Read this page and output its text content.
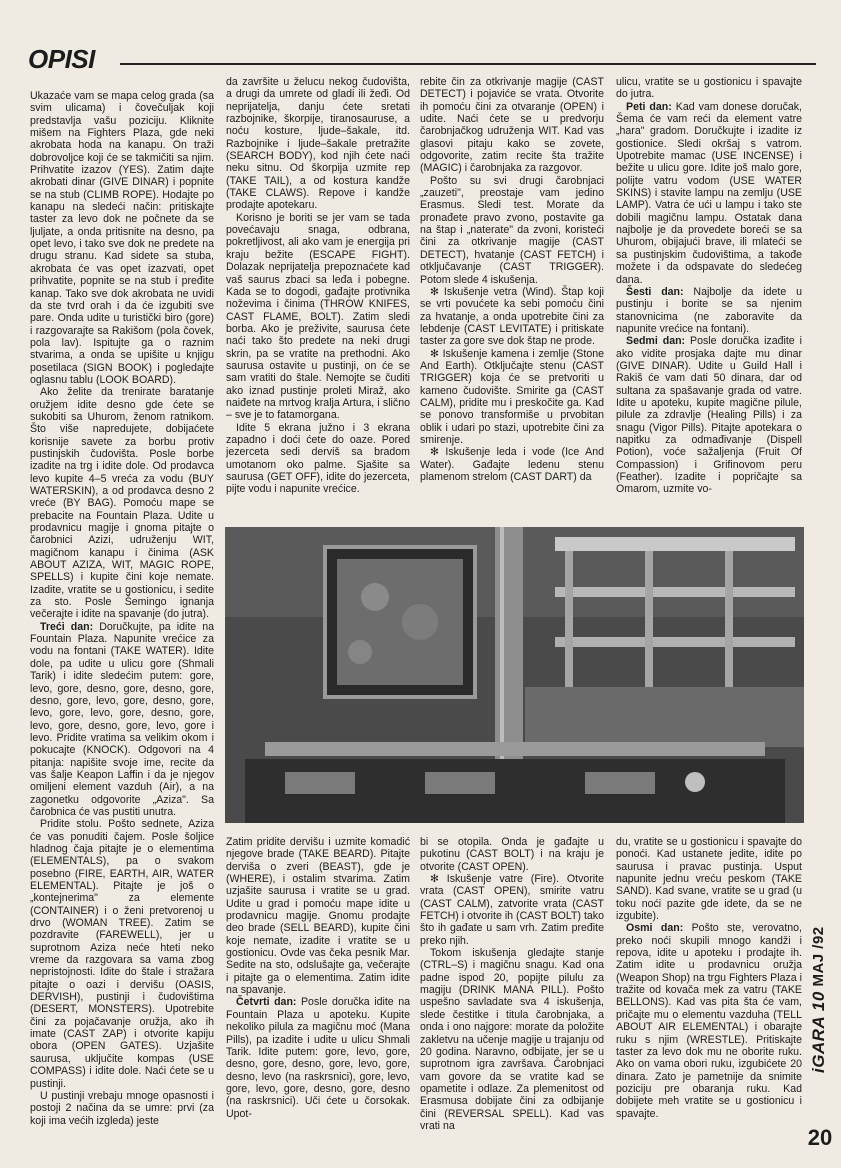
OPISI

Ukazaće vam se mapa celog grada (sa svim ulicama) i čovečuljak koji predstavlja vašu poziciju. Kliknite mišem na Fighters Plaza, gde neki akrobata hoda na kanapu. On traži dobrovoljce koji će se takmičiti sa njim. Prihvatite izazov (YES). Zatim dajte akrobati dinar (GIVE DINAR) i popnite se na stub (CLIMB ROPE). Hodajte po kanapu na sledeći način: pritiskajte taster za levo dok ne počnete da se ljuljate, a onda pritisnite na desno, pa opet levo, i tako sve dok ne predete na drugu stranu. Kad sidete sa stuba, akrobata će vas opet izazvati, opet prihvatite, popnite se na stub i pređite kanap. Tako sve dok akrobata ne uvidi da ste tvrd orah i da će izgubiti sve pare. Onda udite u turistički biro (gore) i razgovarajte sa Rakišom (pola čovek, pola lav). Ispitujte ga o raznim stvarima, a onda se upišite u knjigu posetilaca (SIGN BOOK) i pogledajte oglasnu tablu (LOOK BOARD).

Ako želite da trenirate baratanje oružjem idite desno gde ćete se sukobiti sa Uhurom, ženom ratnikom. Što više napredujete, dobijaćete korisnije savete za borbu protiv pustinjskih čudovišta. Posle borbe izadite na trg i idite dole. Od prodavca levo kupite 4–5 vreća za vodu (BUY WATERSKIN), a od prodavca desno 2 vreće (BY BAG). Pomoću mape se prebacite na Fountain Plaza. Udite u prodavnicu magije i gnoma pitajte o čarobnici Azizi, udruženju WIT, magičnom kanapu i činima (ASK ABOUT AZIZA, WIT, MAGIC ROPE, SPELLS) i kupite čini koje nemate. Izadite, vratite se u gostionicu, i sedite za sto. Posle Šemingo ignanja večerajte i idite na spavanje (do jutra).

Treći dan: Doručkujte, pa idite na Fountain Plaza. Napunite vrećice za vodu na fontani (TAKE WATER). Idite dole, pa udite u ulicu gore (Shmali Tarik) i idite sledećim putem: gore, levo, gore, desno, gore, desno, gore, desno, gore, levo, gore, desno, gore, levo, gore, levo, gore, desno, gore, levo, gore, desno, gore, levo, gore i levo. Pridite vratima sa velikim okom i pokucajte (KNOCK). Odgovori na 4 pitanja: napišite svoje ime, recite da vas šalje Keapon Laffin i da je njegov omiljeni element vazduh (Air), a na zagonetku odgovorite „Aziza". Sa čarobnica će vas pustiti unutra.

Pridite stolu. Pošto sednete, Aziza će vas ponuditi čajem. Posle šoljice hladnog čaja pitajte je o elementima (ELEMENTALS), pa o svakom posebno (FIRE, EARTH, AIR, WATER ELEMENTAL). Pitajte je još o „kontejnerima" za elemente (CONTAINER) i o ženi pretvorenoj u drvo (WOMAN TREE). Zatim se pozdravite (FAREWELL), jer u suprotnom Aziza neće hteti neko vreme da razgovara sa vama zbog nepristojnosti. Idite do štale i stražara pitajte o oazi i dervišu (OASIS, DERVISH), pustinji i čudovištima (DESERT, MONSTERS). Upotrebite čini za pojačavanje oružja, ako ih imate (CAST ZAP) i otvorite kapiju obora (OPEN GATES). Uzjašite saurusa, uključite kompas (USE COMPASS) i idite dole. Naći ćete se u pustinji.

U pustinji vrebaju mnoge opasnosti i postoji 2 načina da se umre: prvi (za koji ima većih izgleda) jeste

da završite u želucu nekog čudovišta, a drugi da umrete od gladi ili žeđi. Od neprijatelja, danju ćete sretati razbojnike, škorpije, tiranosauruse, a noću kosture, ljude–šakale, itd. Razbojnike i ljude–šakale pretražite (SEARCH BODY), kod njih ćete naći neku sitnu. Od škorpija uzmite rep (TAKE TAIL), a od kostura kandže (TAKE CLAWS). Repove i kandže prodajte apotekaru.

Korisno je boriti se jer vam se tada povećavaju snaga, odbrana, pokretljivost, ali ako vam je energija pri kraju bežite (ESCAPE FIGHT). Dolazak neprijatelja prepoznaćete kad vaš saurus zbaci sa leđa i pobegne. Kada se to dogodi, gađajte protivnika noževima i činima (THROW KNIFES, CAST FLAME, BOLT). Zatim sledi borba. Ako je preživite, saurusa ćete naći tako što predete na neki drugi skrin, pa se vratite na prethodni. Ako saurusa ostavite u pustinji, on će se sam vratiti do štale. Nemojte se čuditi ako iznad pustinje proleti Miraž, ako naiđete na mrtvog kralja Arturа, i slično – sve je to fatamorgana.

Idite 5 ekrana južno i 3 ekrana zapadno i doći ćete do oaze. Pored jezerceta sedi derviš sa bradom umotanom oko palme. Sjašite sa saurusa (GET OFF), idite do jezerceta, pijte vodu i napunite vrećice.

rebite čin za otkrivanje magije (CAST DETECT) i pojaviće se vrata. Otvorite ih pomoću čini za otvaranje (OPEN) i udite. Naći ćete se u predvorju čarobnjačkog udruženja WIT. Kad vas glasovi pitaju kako se zovete, odgovorite, zatim recite šta tražite (MAGIC) i čarobnjaka za razgovor.

Pošto su svi drugi čarobnjaci „zauzeti", preostaje vam jedino Erasmus. Sledi test. Morate da pronađete pravo zvono, postavite ga na štap i „naterate" da zvoni, koristeći čini za otkrivanje magije (CAST DETECT), hvatanje (CAST FETCH) i otključavanje (CAST TRIGGER). Potom slede 4 iskušenja.

✻ Iskušenje vetra (Wind). Štap koji se vrti povućete ka sebi pomoću čini za hvatanje, a onda upotrebite čini za lebdenje (CAST LEVITATE) i pritiskate taster za gore sve dok štap ne prode.

✻ Iskušenje kamena i zemlje (Stone And Earth). Otključajte stenu (CAST TRIGGER) koja će se pretvoriti u kameno čudovište. Smirite ga (CAST CALM), pridite mu i preskočite ga. Kad se ponovo transformiše u prvobitan oblik i udari po stazi, upotrebite čini za smirenje.

✻ Iskušenje leda i vode (Ice And Water). Gađajte ledenu stenu plamenom strelom (CAST DART) da

ulicu, vratite se u gostionicu i spavajte do jutra.

Peti dan: Kad vam donese doručak, Šema će vam reći da element vatre „hara" gradom. Doručkujte i izadite iz gostionice. Sledi okršaj s vatrom. Upotrebite mamac (USE INCENSE) i bežite u ulicu gore. Idite još malo gore, polijte vatru vodom (USE WATER SKINS) i stavite lampu na zemlju (USE LAMP). Vatra će ući u lampu i tako ste dobili magičnu lampu. Ostatak dana najbolje je da provedete boreći se sa Uhurom, obijajući brave, ili mlateći se sa pustinjskim čudovištima, a takođe možete i da odspavate do sledećeg dana.

Šesti dan: Najbolje da idete u pustinju i borite se sa njenim stanovnicima (ne zaboravite da napunite vrećice na fontani).

Sedmi dan: Posle doručka izađite i ako vidite prosjaka dajte mu dinar (GIVE DINAR). Udite u Guild Hall i Rakiš će vam dati 50 dinara, dar od sultana za spašavanje grada od vatre. Idite u apoteku, kupite magične pilule, pilule za zdravlje (Healing Pills) i za snagu (Vigor Pills). Pitajte apotekara o napitku za odmađivanje (Dispell Potion), voće sažaljenja (Fruit Of Compassion) i Grifinovom peru (Feather). Izadite i popričajte sa Omarom, uzmite vo-

Zatim pridite dervišu i uzmite komadić njegove brade (TAKE BEARD). Pitajte derviša o zveri (BEAST), gde je (WHERE), i ostalim stvarima. Zatim uzjašite saurusa i vratite se u grad. Udite u grad i pomoću mape idite u prodavnicu magije. Gnomu prodajte deo brade (SELL BEARD), kupite čini koje nemate, izadite i vratite se u gostionicu. Ovde vas čeka pesnik Mar. Sedite na sto, odslušajte ga, večerajte i pitajte ga o elementima. Zatim idite na spavanje.

Četvrti dan: Posle doručka idite na Fountain Plaza u apoteku. Kupite nekoliko pilula za magičnu moć (Mana Pills), pa izadite i udite u ulicu Shmali Tarik. Idite putem: gore, levo, gore, desno, gore, desno, gore, levo, gore, desno, levo (na raskrsnici), gore, levo, gore, levo, gore, desno, gore, desno (na raskrsnici). Uči ćete u čorsokak. Upot-

bi se otopila. Onda je gađajte u pukotinu (CAST BOLT) i na kraju je otvorite (CAST OPEN).

✻ Iskušenje vatre (Fire). Otvorite vrata (CAST OPEN), smirite vatru (CAST CALM), zatvorite vrata (CAST FETCH) i otvorite ih (CAST BOLT) tako što ih gađate u sam vrh. Zatim pređite preko njih.

Tokom iskušenja gledajte stanje (CTRL–S) i magičnu snagu. Kad ona padne ispod 20, popijte pilulu za magiju (DRINK MANA PILL). Pošto uspešno savladate sva 4 iskušenja, slede čestitke i titula čarobnjaka, a onda i ono najgore: morate da položite zakletvu na učenje magije u trajanju od 20 godina. Naravno, odbijate, jer se u suprotnom igra završava. Čarobnjaci vam govore da se vratite kad se opametite i odlaze. Za plemenitost od Erasmusa dobijate čini za odbijanje čini (REVERSAL SPELL). Kad vas vrati na

du, vratite se u gostionicu i spavajte do ponoći. Kad ustanete jedite, idite po saurusa i pravac pustinja. Usput napunite jednu vreću peskom (TAKE SAND). Kad svane, vratite se u grad (u toku noći pazite gde idete, da se ne izgubite).

Osmi dan: Pošto ste, verovatno, preko noći skupili mnogo kandži i repova, idite u apoteku i prodajte ih. Zatim idite u prodavnicu oružja (Weapon Shop) na trgu Fighters Plaza i tražite od kovača mek za vatru (TAKE BELLONS). Kad vas pita šta će vam, pričajte mu o elementu vazduha (TELL ABOUT AIR ELEMENTAL) i obarajte ruku s njim (WRESTLE). Pritiskajte taster za levo dok mu ne oborite ruku. Ako on vama obori ruku, izgubićete 20 dinara. Zato je pametnije da snimite poziciju pre obaranja ruku. Kad dobijete meh vratite se u gostionicu i spavajte.

iGARA 10 MAJ /92
20
